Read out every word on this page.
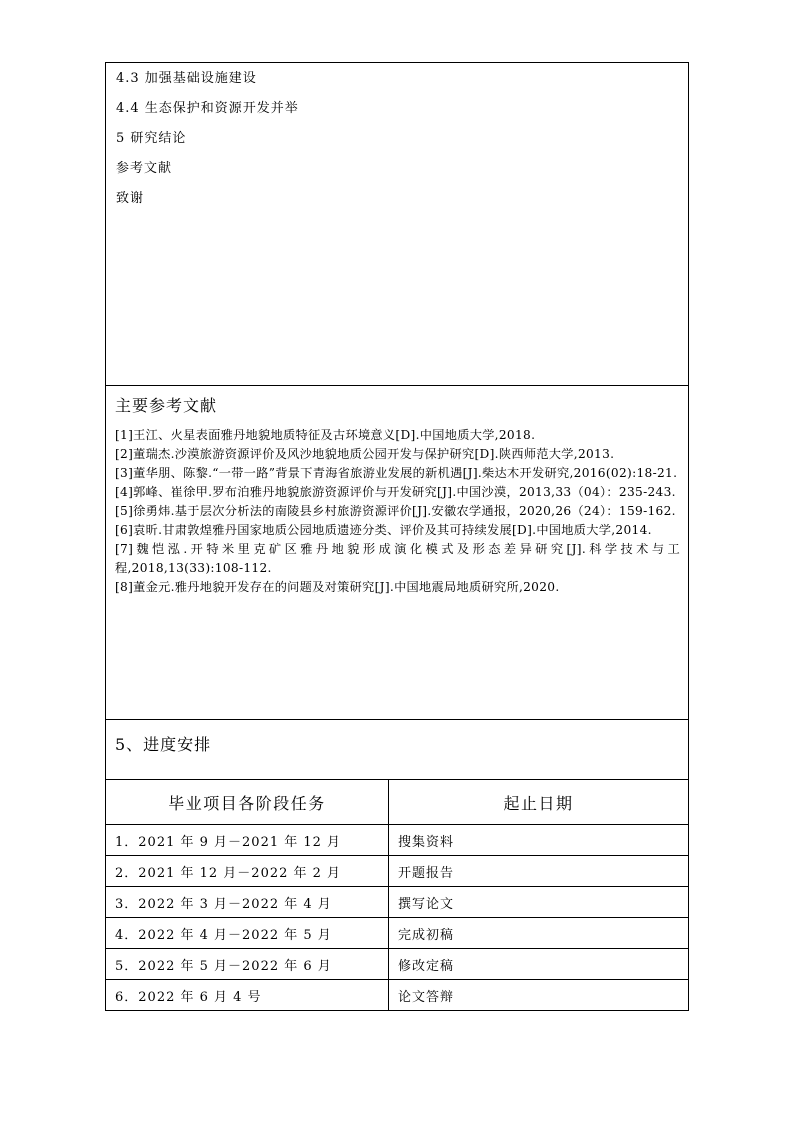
4.3 加强基础设施建设
4.4 生态保护和资源开发并举
5 研究结论
参考文献
致谢
主要参考文献
[1]王江、火星表面雅丹地貌地质特征及古环境意义[D].中国地质大学,2018.
[2]董瑞杰.沙漠旅游资源评价及风沙地貌地质公园开发与保护研究[D].陕西师范大学,2013.
[3]董华朋、陈黎.“一带一路”背景下青海省旅游业发展的新机遇[J].柴达木开发研究,2016(02):18-21.
[4]郭峰、崔徐甲.罗布泊雅丹地貌旅游资源评价与开发研究[J].中国沙漠，2013,33（04）：235-243.
[5]徐勇炜.基于层次分析法的南陵县乡村旅游资源评价[J].安徽农学通报，2020,26（24）：159-162.
[6]袁昕.甘肃敦煌雅丹国家地质公园地质遗迹分类、评价及其可持续发展[D].中国地质大学,2014.
[7]魏恺泓.开特米里克矿区雅丹地貌形成演化模式及形态差异研究[J].科学技术与工程,2018,13(33):108-112.
[8]董金元.雅丹地貌开发存在的问题及对策研究[J].中国地震局地质研究所,2020.
5、进度安排
毕业项目各阶段任务	起止日期
1．2021 年 9 月－2021 年 12 月	搜集资料
2．2021 年 12 月－2022 年 2 月	开题报告
3．2022 年 3 月－2022 年 4 月	撰写论文
4．2022 年 4 月－2022 年 5 月	完成初稿
5．2022 年 5 月－2022 年 6 月	修改定稿
6．2022 年 6 月 4 号	论文答辩
